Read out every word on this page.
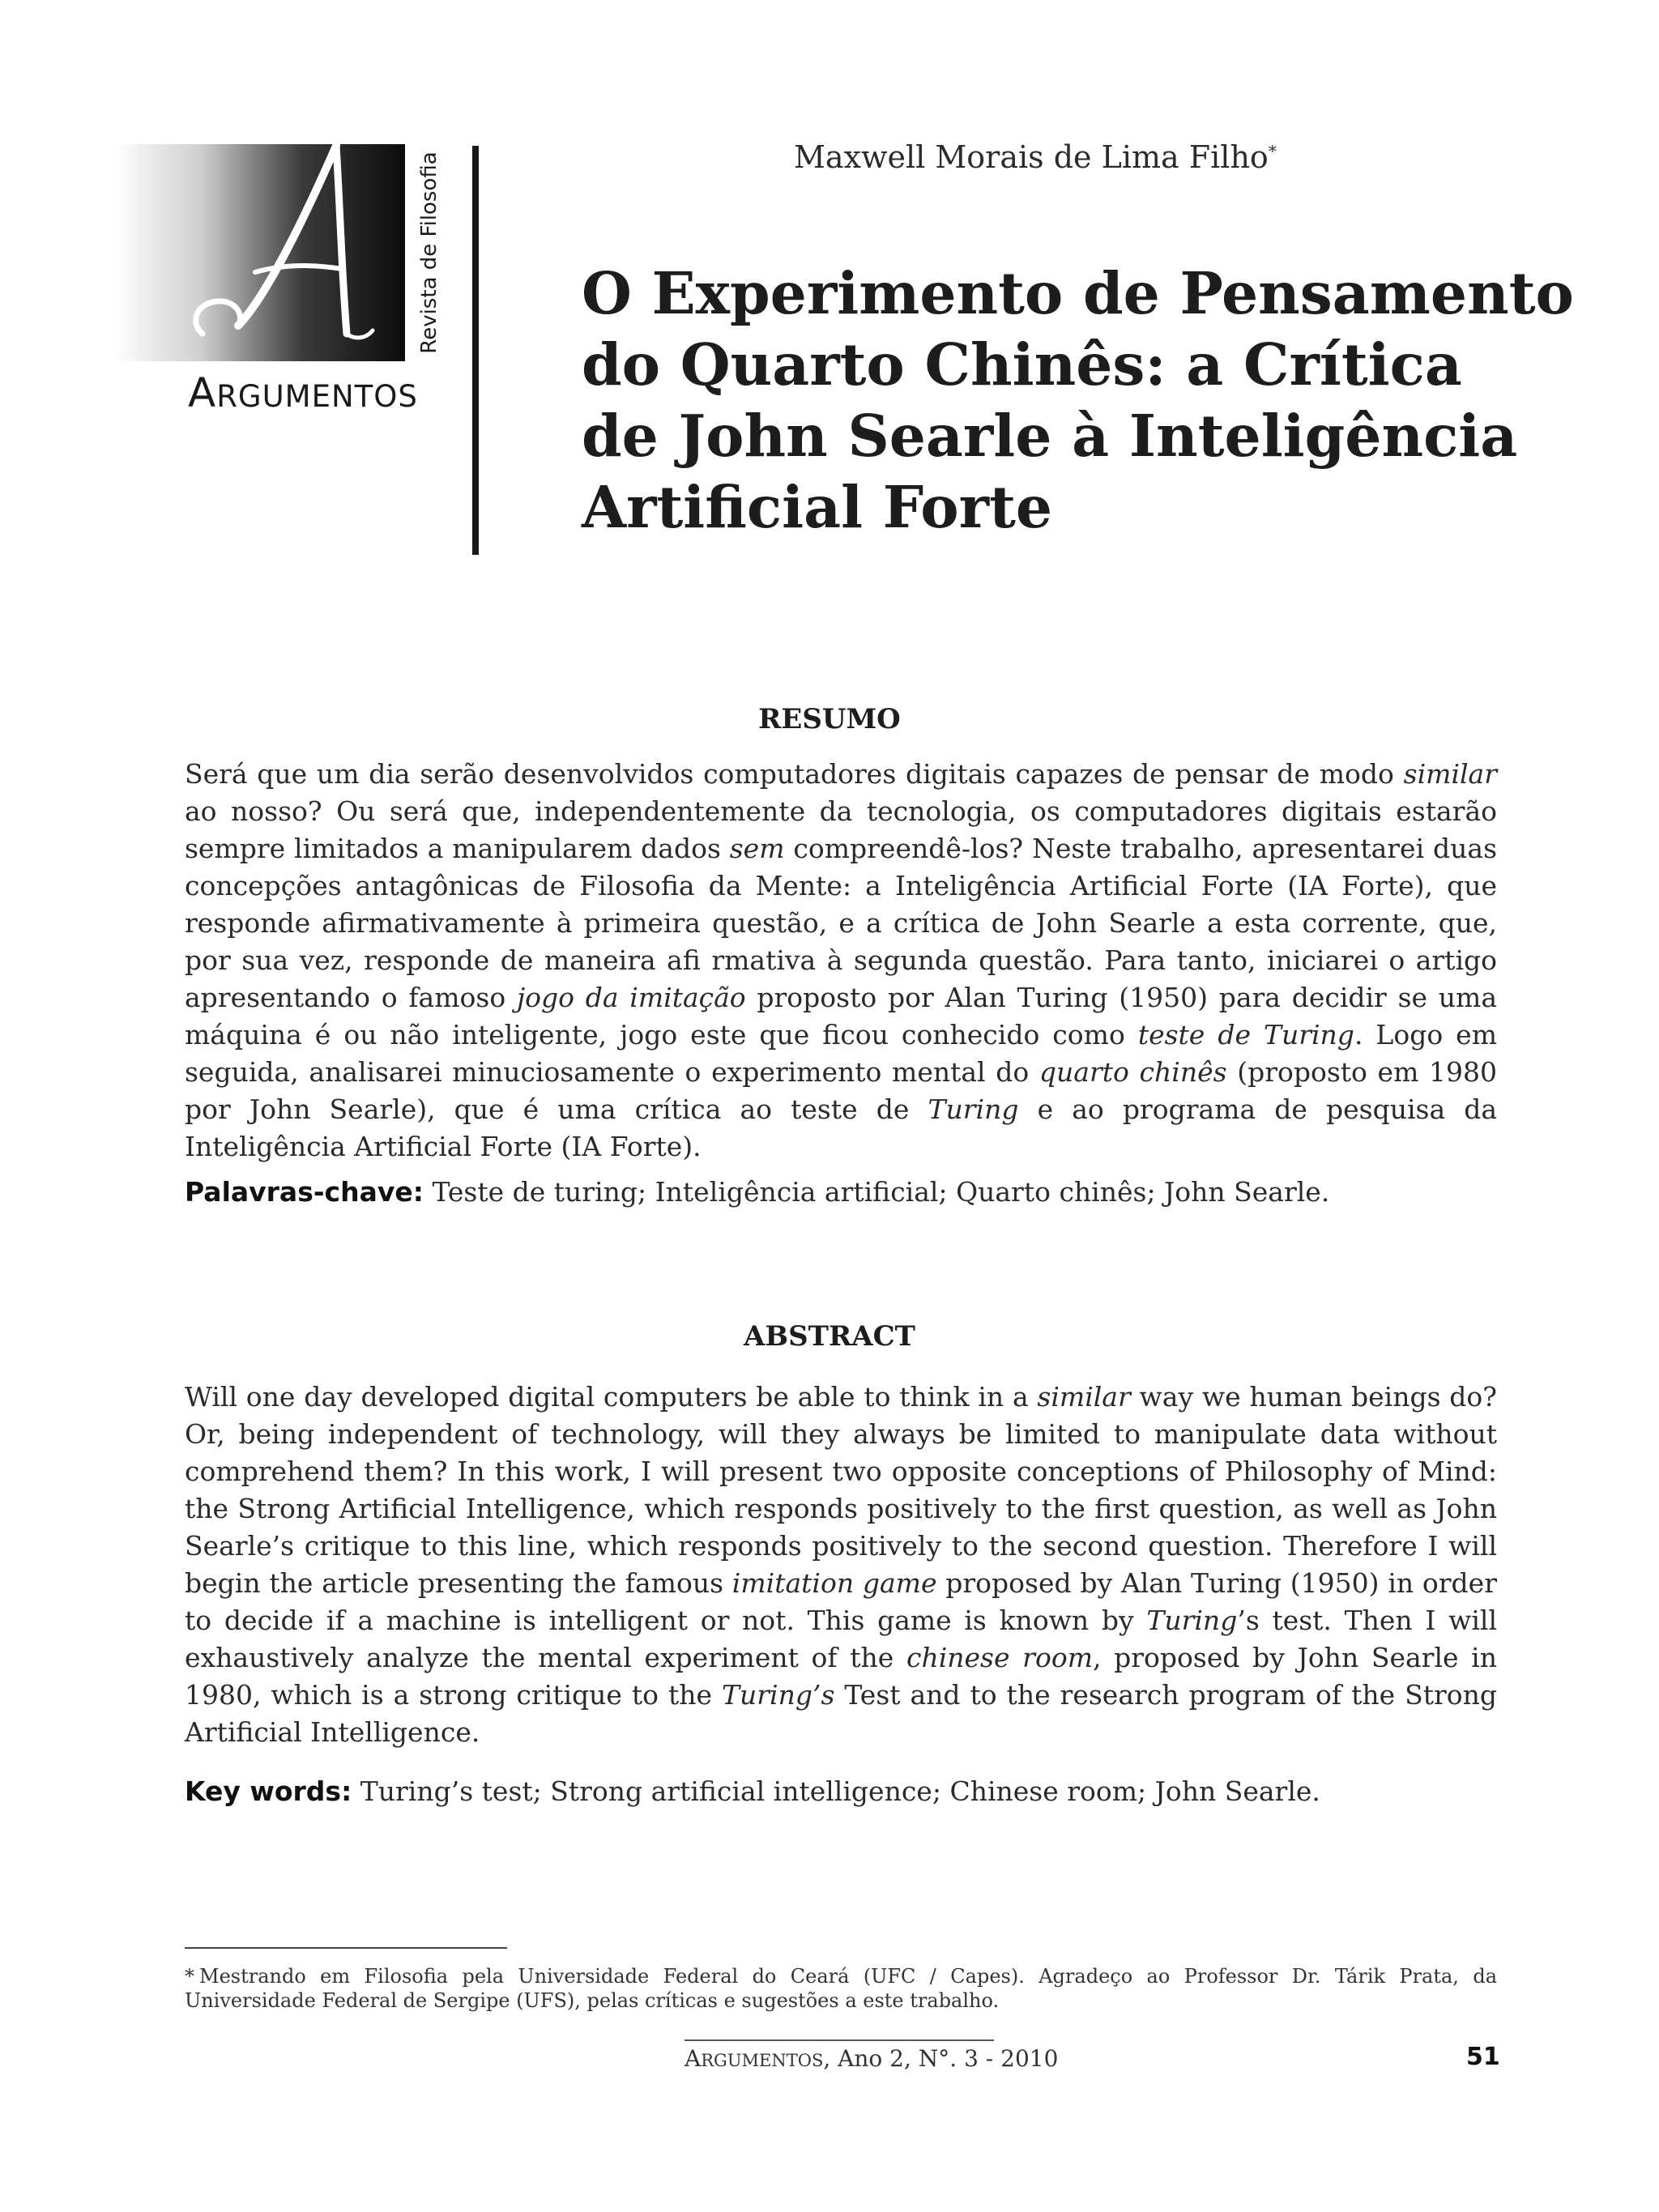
ARGUMENTOS
Revista de Filosofia	Maxwell Morais de Lima Filho*
O Experimento de Pensamento
do Quarto Chinês: a Crítica
de John Searle à Inteligência
Artificial Forte
RESUMO

Será que um dia serão desenvolvidos computadores digitais capazes de pensar de modo similar ao nosso? Ou será que, independentemente da tecnologia, os computadores digitais estarão sempre limitados a manipularem dados sem compreendê-los? Neste trabalho, apresentarei duas concepções antagônicas de Filosofia da Mente: a Inteligência Artificial Forte (IA Forte), que responde afirmativamente à primeira questão, e a crítica de John Searle a esta corrente, que, por sua vez, responde de maneira afi rmativa à segunda questão. Para tanto, iniciarei o artigo apresentando o famoso jogo da imitação proposto por Alan Turing (1950) para decidir se uma máquina é ou não inteligente, jogo este que ficou conhecido como teste de Turing. Logo em seguida, analisarei minuciosamente o experimento mental do quarto chinês (proposto em 1980 por John Searle), que é uma crítica ao teste de Turing e ao programa de pesquisa da Inteligência Artificial Forte (IA Forte).

Palavras-chave: Teste de turing; Inteligência artificial; Quarto chinês; John Searle.

ABSTRACT

Will one day developed digital computers be able to think in a similar way we human beings do? Or, being independent of technology, will they always be limited to manipulate data without comprehend them? In this work, I will present two opposite conceptions of Philosophy of Mind: the Strong Artificial Intelligence, which responds positively to the first question, as well as John Searle’s critique to this line, which responds positively to the second question. Therefore I will begin the article presenting the famous imitation game proposed by Alan Turing (1950) in order to decide if a machine is intelligent or not. This game is known by Turing’s test. Then I will exhaustively analyze the mental experiment of the chinese room, proposed by John Searle in 1980, which is a strong critique to the Turing’s Test and to the research program of the Strong Artificial Intelligence.

Key words: Turing’s test; Strong artificial intelligence; Chinese room; John Searle.

* Mestrando em Filosofia pela Universidade Federal do Ceará (UFC / Capes). Agradeço ao Professor Dr. Tárik Prata, da Universidade Federal de Sergipe (UFS), pelas críticas e sugestões a este trabalho.

ARGUMENTOS, Ano 2, N°. 3 - 2010	51
